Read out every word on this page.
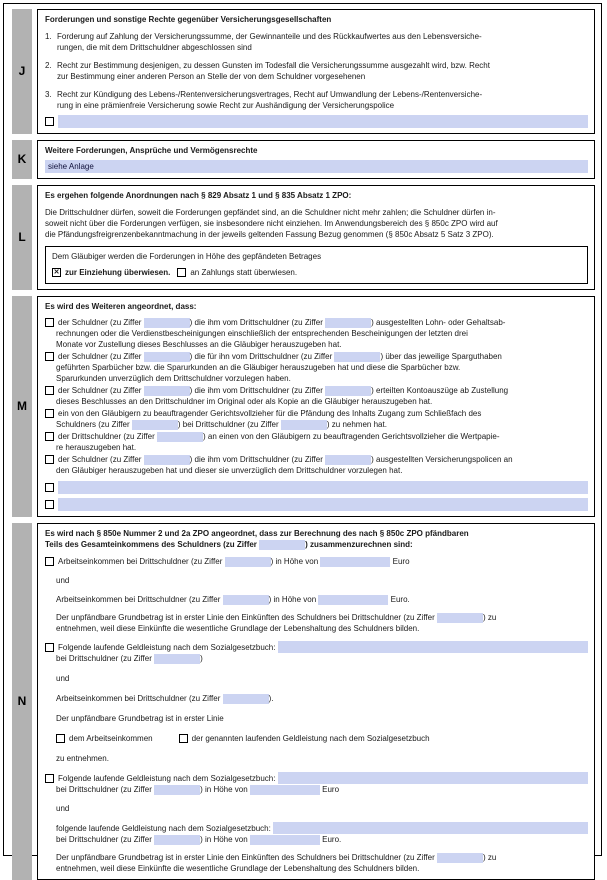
J
Forderungen und sonstige Rechte gegenüber Versicherungsgesellschaften
1. Forderung auf Zahlung der Versicherungssumme, der Gewinnanteile und des Rückkaufwertes aus den Lebensversiche-
rungen, die mit dem Drittschuldner abgeschlossen sind
2. Recht zur Bestimmung desjenigen, zu dessen Gunsten im Todesfall die Versicherungssumme ausgezahlt wird, bzw. Recht
zur Bestimmung einer anderen Person an Stelle der von dem Schuldner vorgesehenen
3. Recht zur Kündigung des Lebens-/Rentenversicherungsvertrages, Recht auf Umwandlung der Lebens-/Rentenversiche-
rung in eine prämienfreie Versicherung sowie Recht zur Aushändigung der Versicherungspolice
K
Weitere Forderungen, Ansprüche und Vermögensrechte
siehe Anlage
L
Es ergehen folgende Anordnungen nach § 829 Absatz 1 und § 835 Absatz 1 ZPO:
Die Drittschuldner dürfen, soweit die Forderungen gepfändet sind, an die Schuldner nicht mehr zahlen; die Schuldner dürfen in-
soweit nicht über die Forderungen verfügen, sie insbesondere nicht einziehen. Im Anwendungsbereich des § 850c ZPO wird auf
die Pfändungsfreigrenzenbekanntmachung in der jeweils geltenden Fassung Bezug genommen (§ 850c Absatz 5 Satz 3 ZPO).
Dem Gläubiger werden die Forderungen in Höhe des gepfändeten Betrages
✕
zur Einziehung überwiesen.	an Zahlungs statt überwiesen.
M
Es wird des Weiteren angeordnet, dass:
der Schuldner (zu Ziffer	) die ihm vom Drittschuldner (zu Ziffer	) ausgestellten Lohn- oder Gehaltsab-
rechnungen oder die Verdienstbescheinigungen einschließlich der entsprechenden Bescheinigungen der letzten drei
Monate vor Zustellung dieses Beschlusses an die Gläubiger herauszugeben hat.
der Schuldner (zu Ziffer	) die für ihn vom Drittschuldner (zu Ziffer	) über das jeweilige Sparguthaben
geführten Sparbücher bzw. die Sparurkunden an die Gläubiger herauszugeben hat und diese die Sparbücher bzw.
Sparurkunden unverzüglich dem Drittschuldner vorzulegen haben.
der Schuldner (zu Ziffer	) die ihm vom Drittschuldner (zu Ziffer	) erteilten Kontoauszüge ab Zustellung
dieses Beschlusses an den Drittschuldner im Original oder als Kopie an die Gläubiger herauszugeben hat.
ein von den Gläubigern zu beauftragender Gerichtsvollzieher für die Pfändung des Inhalts Zugang zum Schließfach des
Schuldners (zu Ziffer	) bei Drittschuldner (zu Ziffer	) zu nehmen hat.
der Drittschuldner (zu Ziffer	) an einen von den Gläubigern zu beauftragenden Gerichtsvollzieher die Wertpapie-
re herauszugeben hat.
der Schuldner (zu Ziffer	) die ihm vom Drittschuldner (zu Ziffer	) ausgestellten Versicherungspolicen an
den Gläubiger herauszugeben hat und dieser sie unverzüglich dem Drittschuldner vorzulegen hat.
N
Es wird nach § 850e Nummer 2 und 2a ZPO angeordnet, dass zur Berechnung des nach § 850c ZPO pfändbaren
Teils des Gesamteinkommens des Schuldners (zu Ziffer	) zusammenzurechnen sind:
Arbeitseinkommen bei Drittschuldner (zu Ziffer	) in Höhe von	Euro
und
Arbeitseinkommen bei Drittschuldner (zu Ziffer	) in Höhe von	Euro.
Der unpfändbare Grundbetrag ist in erster Linie den Einkünften des Schuldners bei Drittschuldner (zu Ziffer	) zu
entnehmen, weil diese Einkünfte die wesentliche Grundlage der Lebenshaltung des Schuldners bilden.
Folgende laufende Geldleistung nach dem Sozialgesetzbuch:
bei Drittschuldner (zu Ziffer	)
und
Arbeitseinkommen bei Drittschuldner (zu Ziffer	).
Der unpfändbare Grundbetrag ist in erster Linie
dem Arbeitseinkommen	der genannten laufenden Geldleistung nach dem Sozialgesetzbuch
zu entnehmen.
Folgende laufende Geldleistung nach dem Sozialgesetzbuch:
bei Drittschuldner (zu Ziffer	) in Höhe von	Euro
und
folgende laufende Geldleistung nach dem Sozialgesetzbuch:
bei Drittschuldner (zu Ziffer	) in Höhe von	Euro.
Der unpfändbare Grundbetrag ist in erster Linie den Einkünften des Schuldners bei Drittschuldner (zu Ziffer	) zu
entnehmen, weil diese Einkünfte die wesentliche Grundlage der Lebenshaltung des Schuldners bilden.
